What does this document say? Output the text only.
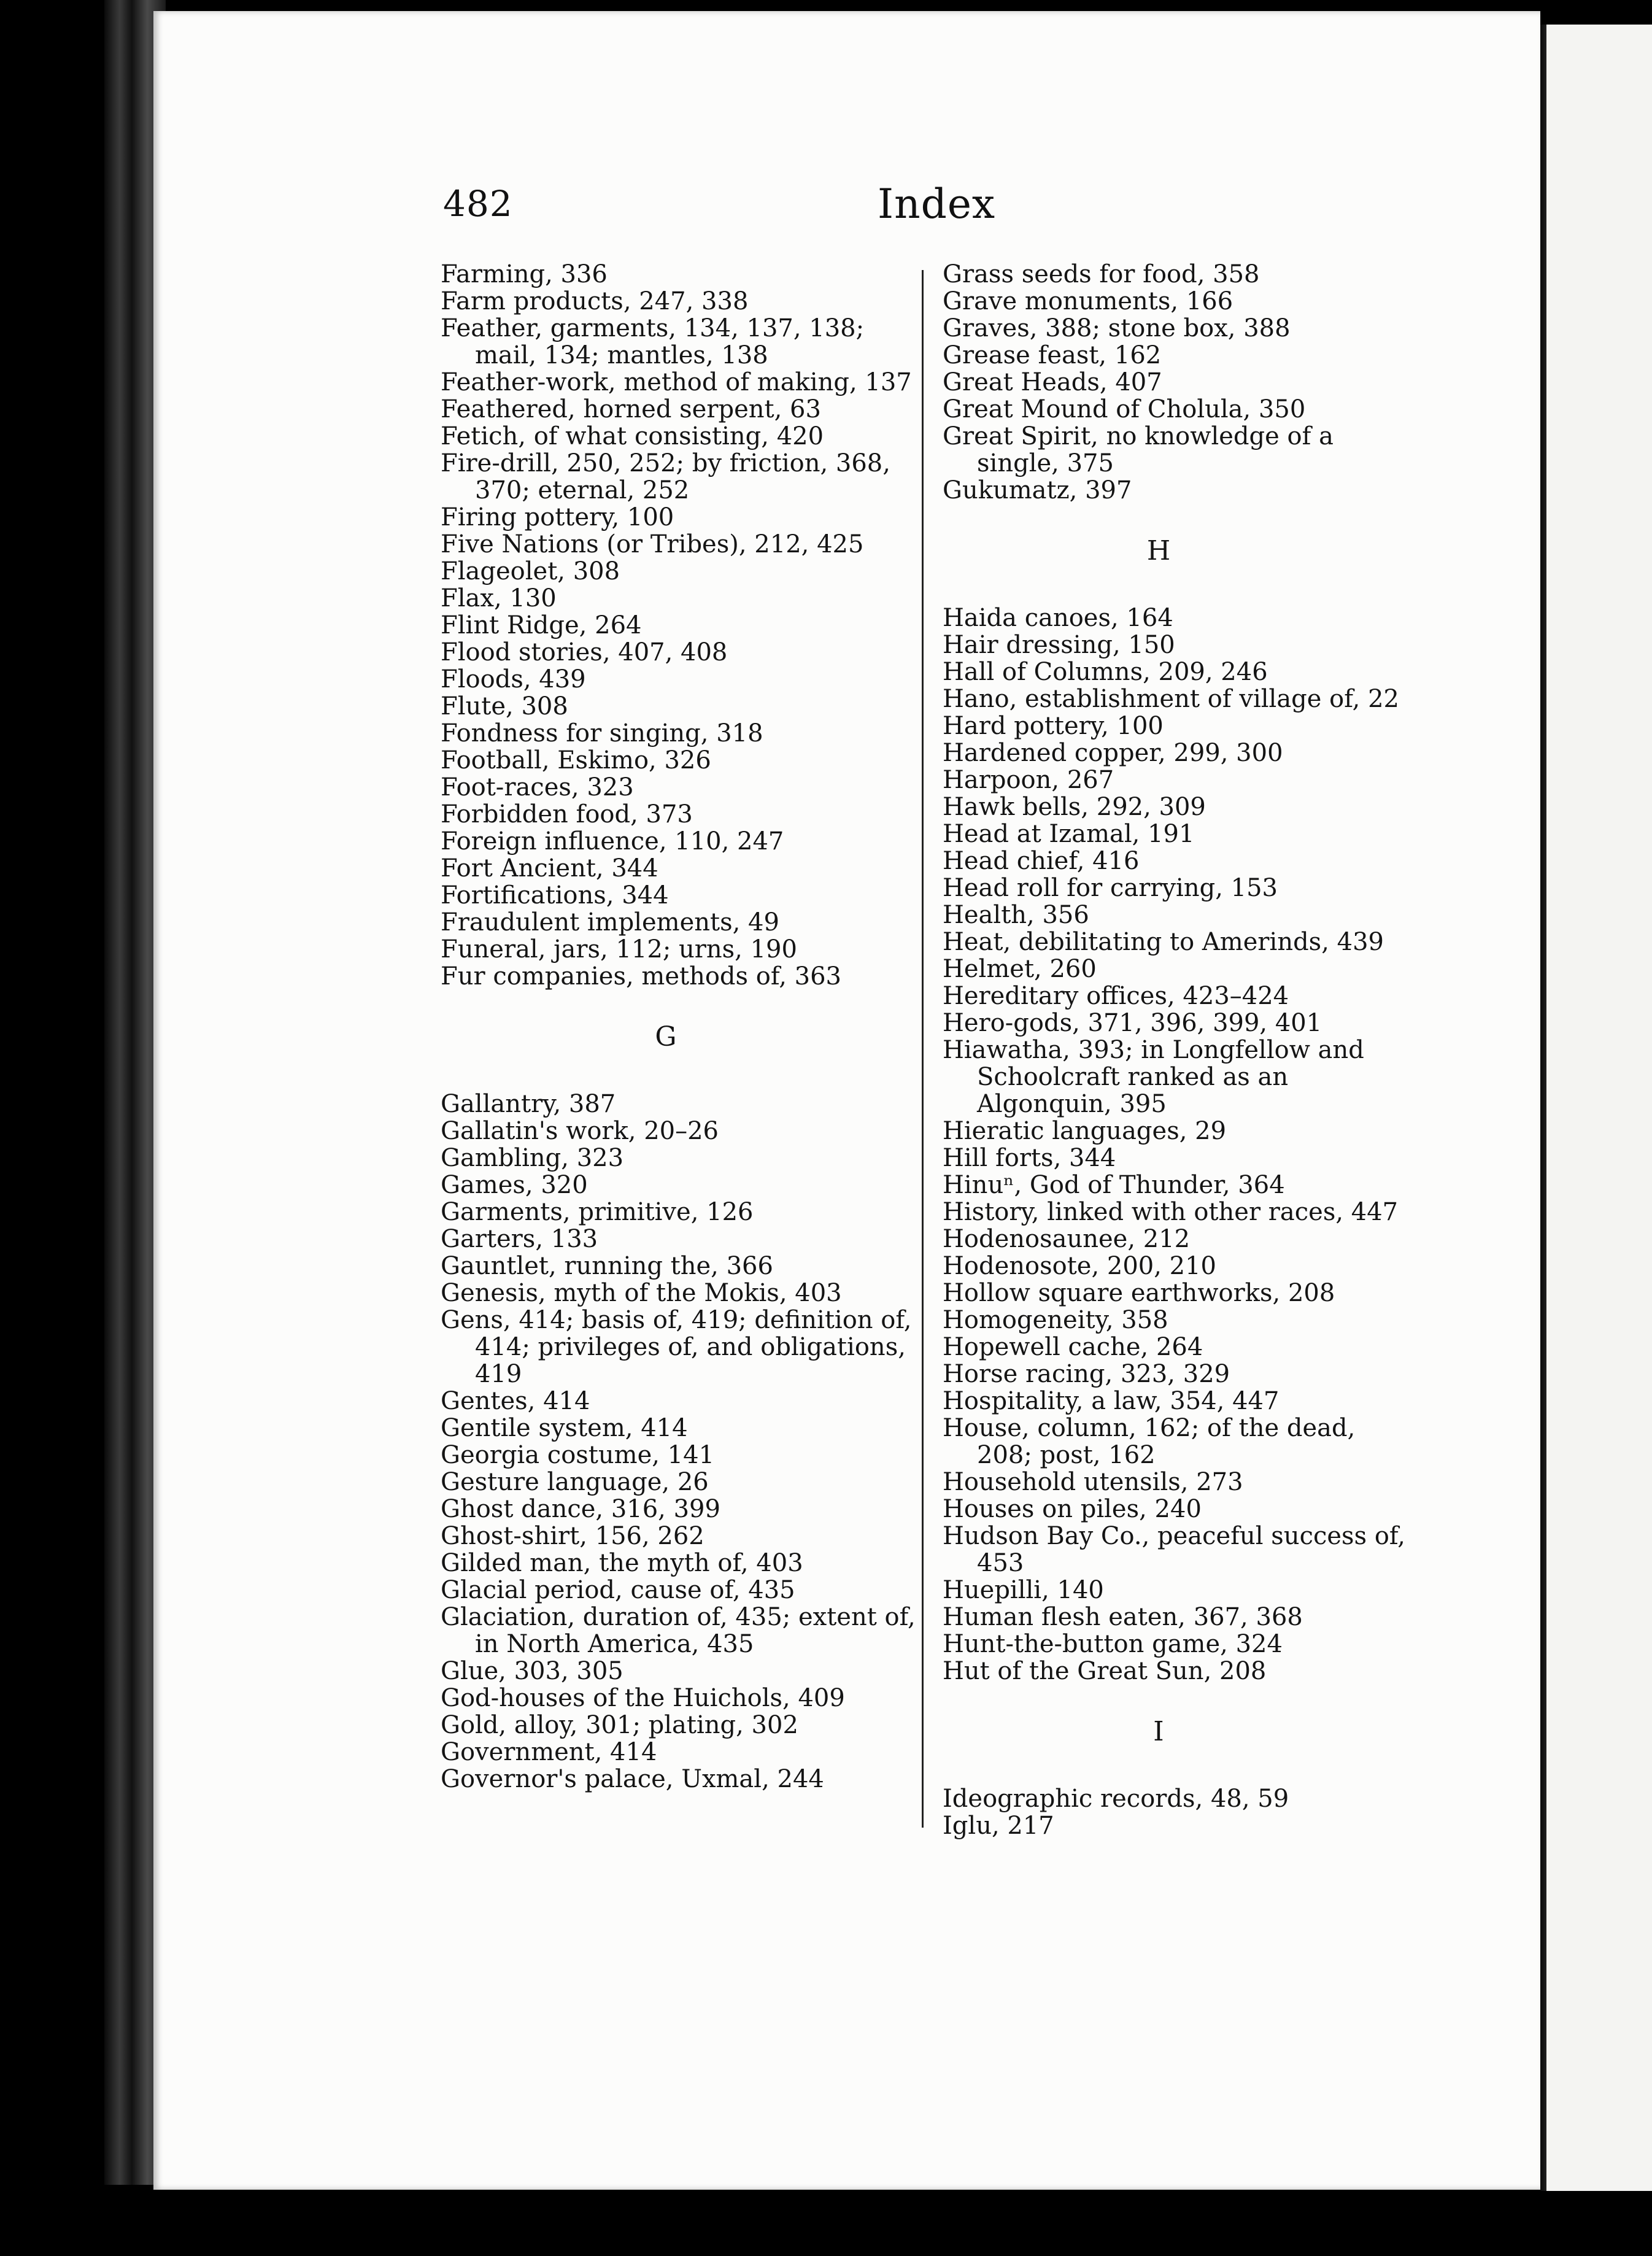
482	Index

Farming, 336

Farm products, 247, 338

Feather, garments, 134, 137, 138; mail, 134; mantles, 138

Feather-work, method of making, 137

Feathered, horned serpent, 63

Fetich, of what consisting, 420

Fire-drill, 250, 252; by friction, 368, 370; eternal, 252

Firing pottery, 100

Five Nations (or Tribes), 212, 425

Flageolet, 308

Flax, 130

Flint Ridge, 264

Flood stories, 407, 408

Floods, 439

Flute, 308

Fondness for singing, 318

Football, Eskimo, 326

Foot-races, 323

Forbidden food, 373

Foreign influence, 110, 247

Fort Ancient, 344

Fortifications, 344

Fraudulent implements, 49

Funeral, jars, 112; urns, 190

Fur companies, methods of, 363

G

Gallantry, 387

Gallatin's work, 20–26

Gambling, 323

Games, 320

Garments, primitive, 126

Garters, 133

Gauntlet, running the, 366

Genesis, myth of the Mokis, 403

Gens, 414; basis of, 419; definition of, 414; privileges of, and obligations, 419

Gentes, 414

Gentile system, 414

Georgia costume, 141

Gesture language, 26

Ghost dance, 316, 399

Ghost-shirt, 156, 262

Gilded man, the myth of, 403

Glacial period, cause of, 435

Glaciation, duration of, 435; extent of, in North America, 435

Glue, 303, 305

God-houses of the Huichols, 409

Gold, alloy, 301; plating, 302

Government, 414

Governor's palace, Uxmal, 244

Grass seeds for food, 358

Grave monuments, 166

Graves, 388; stone box, 388

Grease feast, 162

Great Heads, 407

Great Mound of Cholula, 350

Great Spirit, no knowledge of a single, 375

Gukumatz, 397

H

Haida canoes, 164

Hair dressing, 150

Hall of Columns, 209, 246

Hano, establishment of village of, 22

Hard pottery, 100

Hardened copper, 299, 300

Harpoon, 267

Hawk bells, 292, 309

Head at Izamal, 191

Head chief, 416

Head roll for carrying, 153

Health, 356

Heat, debilitating to Amerinds, 439

Helmet, 260

Hereditary offices, 423–424

Hero-gods, 371, 396, 399, 401

Hiawatha, 393; in Longfellow and Schoolcraft ranked as an Algonquin, 395

Hieratic languages, 29

Hill forts, 344

Hinuⁿ, God of Thunder, 364

History, linked with other races, 447

Hodenosaunee, 212

Hodenosote, 200, 210

Hollow square earthworks, 208

Homogeneity, 358

Hopewell cache, 264

Horse racing, 323, 329

Hospitality, a law, 354, 447

House, column, 162; of the dead, 208; post, 162

Household utensils, 273

Houses on piles, 240

Hudson Bay Co., peaceful success of, 453

Huepilli, 140

Human flesh eaten, 367, 368

Hunt-the-button game, 324

Hut of the Great Sun, 208

I

Ideographic records, 48, 59

Iglu, 217
